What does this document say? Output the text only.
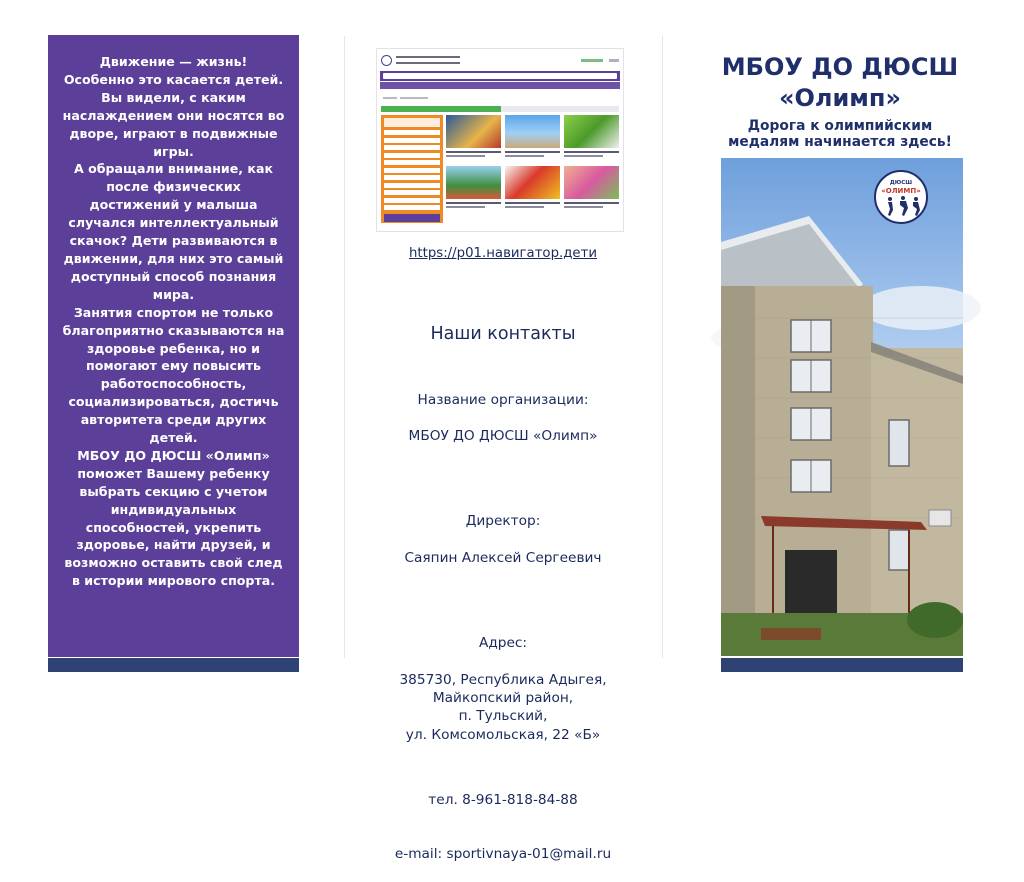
Движение — жизнь!
Особенно это касается детей. Вы видели, с каким наслаждением они носятся во дворе, играют в подвижные игры.
А обращали внимание, как после физических достижений у малыша случался интеллектуальный скачок? Дети развиваются в движении, для них это самый доступный способ познания мира.
Занятия спортом не только благоприятно сказываются на здоровье ребенка, но и помогают ему повысить работоспособность, социализироваться, достичь авторитета среди других детей.
МБОУ ДО ДЮСШ «Олимп» поможет Вашему ребенку выбрать секцию с учетом индивидуальных способностей, укрепить здоровье, найти друзей, и возможно оставить свой след в истории мирового спорта.

https://p01.навигатор.дети
Наши контакты

Название организации:

МБОУ ДО ДЮСШ «Олимп»

Директор:

Саяпин Алексей Сергеевич

Адрес:

385730, Республика Адыгея,
Майкопский район,
п. Тульский,
ул. Комсомольская, 22 «Б»

тел. 8-961-818-84-88

e-mail: sportivnaya-01@mail.ru

МБОУ ДО ДЮСШ
«Олимп»
Дорога к олимпийским
медалям начинается здесь!
ДЮСШ
«ОЛИМП»
